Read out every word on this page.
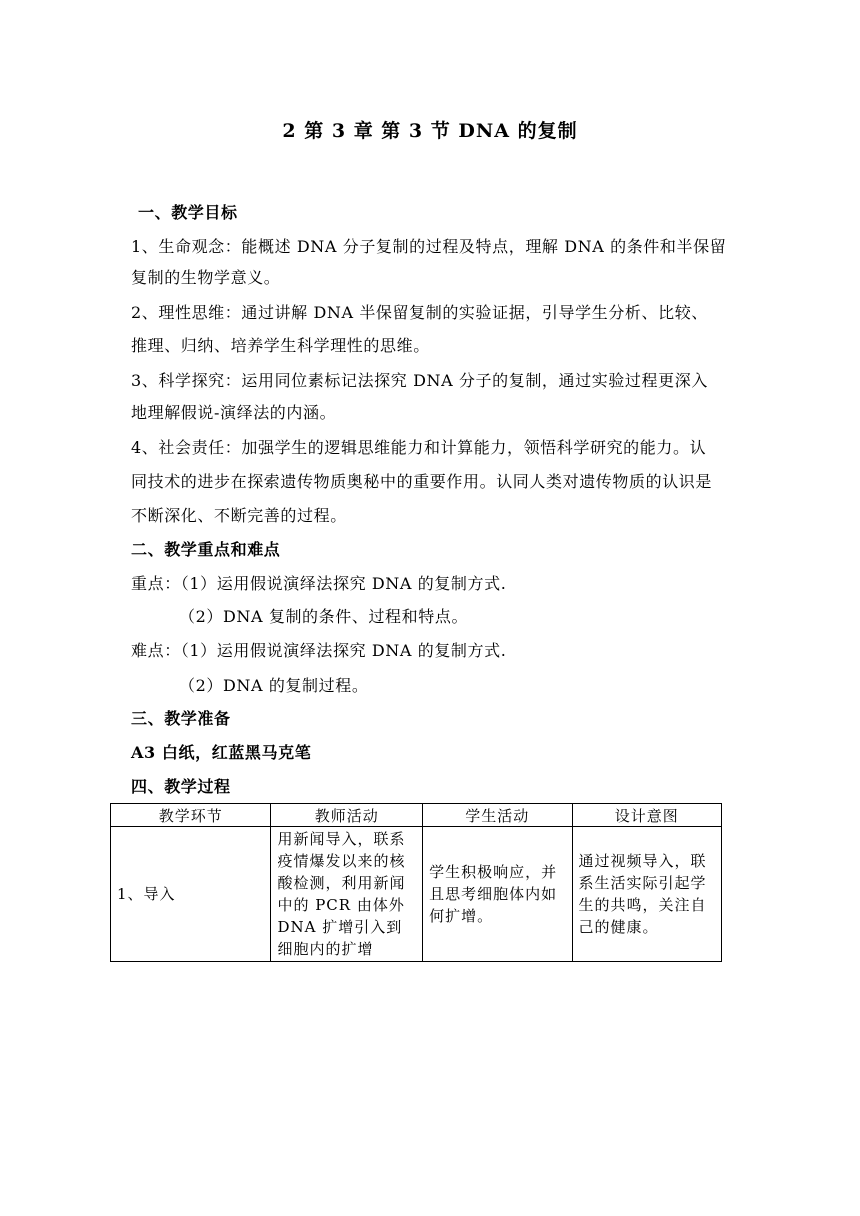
2 第 3 章 第 3 节 DNA 的复制
一、教学目标
1、生命观念：能概述 DNA 分子复制的过程及特点，理解 DNA 的条件和半保留
复制的生物学意义。
2、理性思维：通过讲解 DNA 半保留复制的实验证据，引导学生分析、比较、
推理、归纳、培养学生科学理性的思维。
3、科学探究：运用同位素标记法探究 DNA 分子的复制，通过实验过程更深入
地理解假说-演绎法的内涵。
4、社会责任：加强学生的逻辑思维能力和计算能力，领悟科学研究的能力。认
同技术的进步在探索遗传物质奥秘中的重要作用。认同人类对遗传物质的认识是
不断深化、不断完善的过程。
二、教学重点和难点
重点：（1）运用假说演绎法探究 DNA 的复制方式.
（2）DNA 复制的条件、过程和特点。
难点：（1）运用假说演绎法探究 DNA 的复制方式.
（2）DNA 的复制过程。
三、教学准备
A3 白纸，红蓝黑马克笔
四、教学过程
教学环节	教师活动	学生活动	设计意图
1、导入	用新闻导入，联系疫情爆发以来的核酸检测，利用新闻中的 PCR 由体外 DNA 扩增引入到细胞内的扩增	学生积极响应，并且思考细胞体内如何扩增。	通过视频导入，联系生活实际引起学生的共鸣，关注自己的健康。
